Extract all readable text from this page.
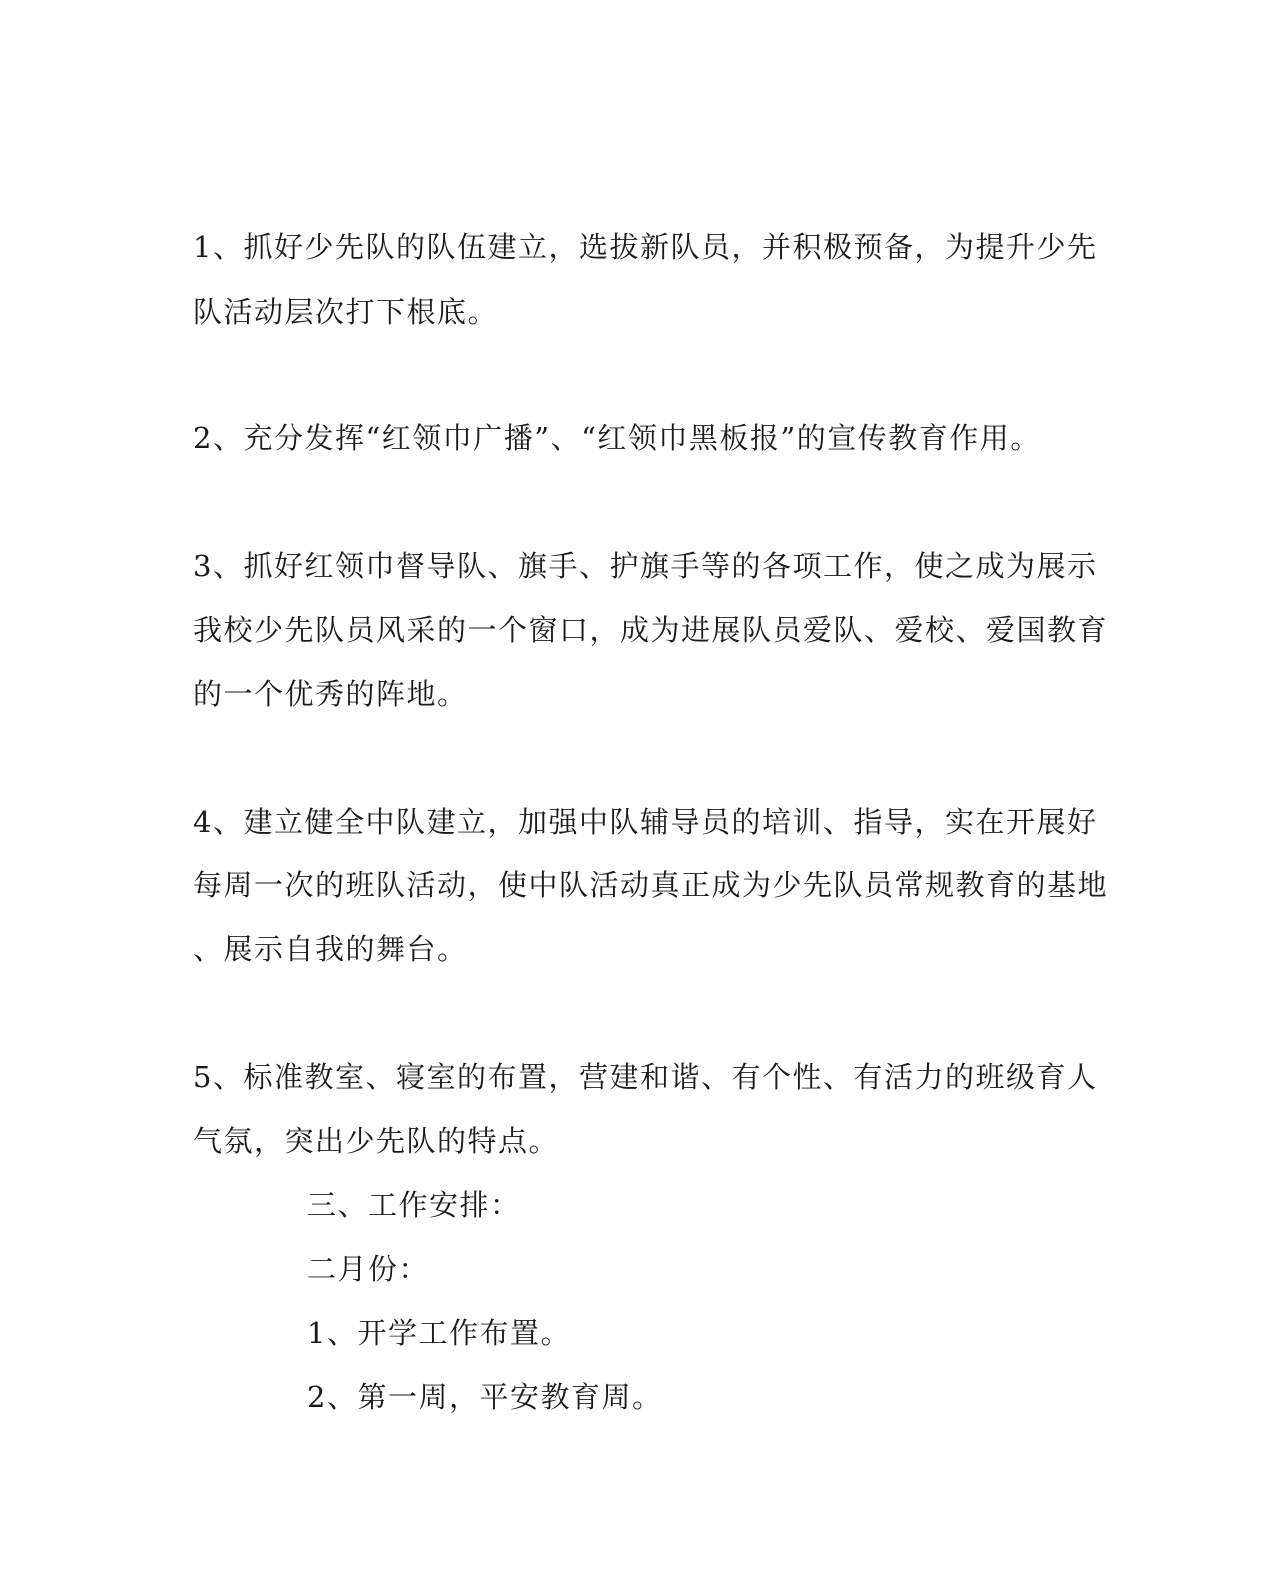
1、抓好少先队的队伍建立，选拔新队员，并积极预备，为提升少先
队活动层次打下根底。
2、充分发挥“红领巾广播”、“红领巾黑板报”的宣传教育作用。
3、抓好红领巾督导队、旗手、护旗手等的各项工作，使之成为展示
我校少先队员风采的一个窗口，成为进展队员爱队、爱校、爱国教育
的一个优秀的阵地。
4、建立健全中队建立，加强中队辅导员的培训、指导，实在开展好
每周一次的班队活动，使中队活动真正成为少先队员常规教育的基地
、展示自我的舞台。
5、标准教室、寝室的布置，营建和谐、有个性、有活力的班级育人
气氛，突出少先队的特点。
三、工作安排：
二月份：
1、开学工作布置。
2、第一周，平安教育周。
